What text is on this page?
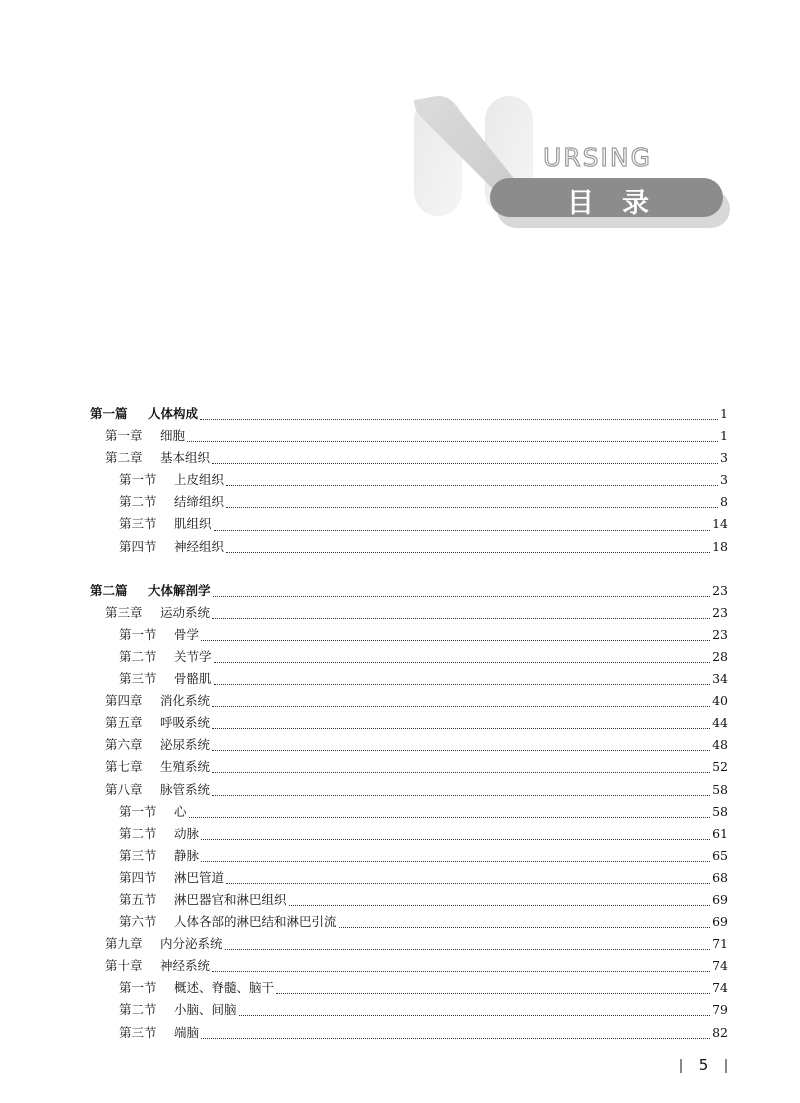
URSING
目录
第一篇	人体构成	1
第一章	细胞	1
第二章	基本组织	3
第一节	上皮组织	3
第二节	结缔组织	8
第三节	肌组织	14
第四节	神经组织	18
第二篇	大体解剖学	23
第三章	运动系统	23
第一节	骨学	23
第二节	关节学	28
第三节	骨骼肌	34
第四章	消化系统	40
第五章	呼吸系统	44
第六章	泌尿系统	48
第七章	生殖系统	52
第八章	脉管系统	58
第一节	心	58
第二节	动脉	61
第三节	静脉	65
第四节	淋巴管道	68
第五节	淋巴器官和淋巴组织	69
第六节	人体各部的淋巴结和淋巴引流	69
第九章	内分泌系统	71
第十章	神经系统	74
第一节	概述、脊髓、脑干	74
第二节	小脑、间脑	79
第三节	端脑	82
5
